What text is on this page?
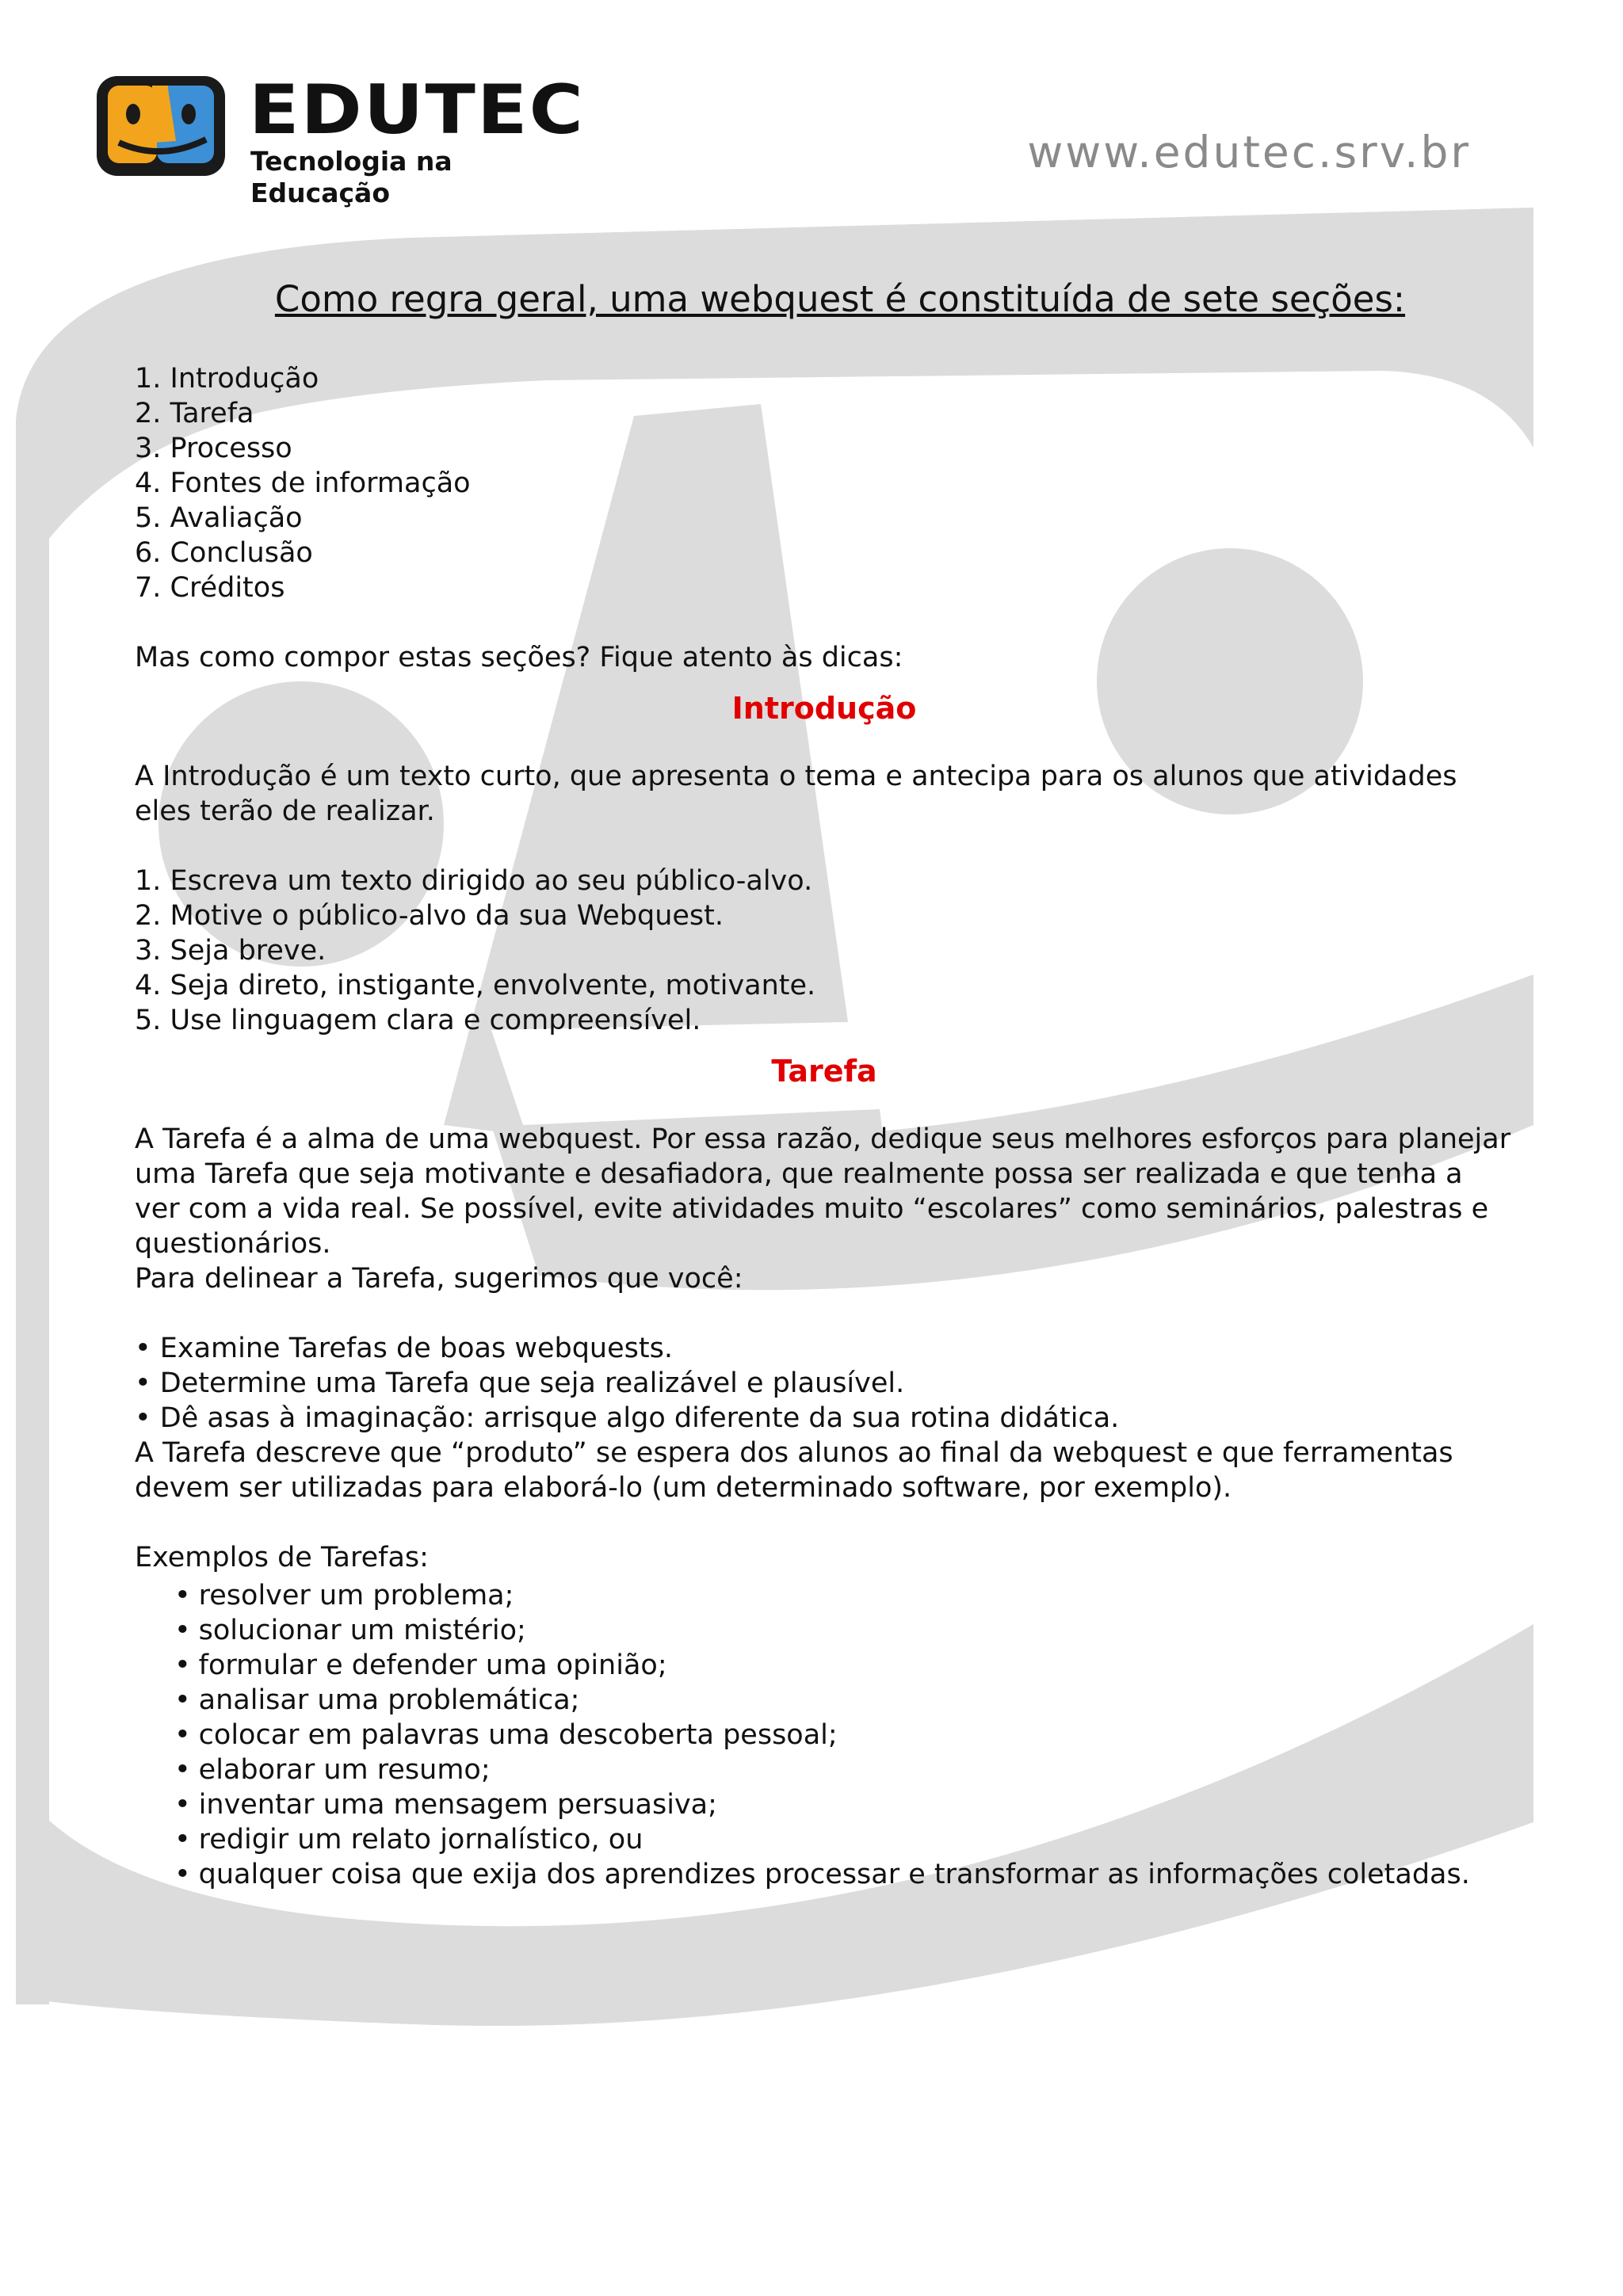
EDUTEC
Tecnologia na Educação
www.edutec.srv.br
Como regra geral, uma webquest é constituída de sete seções:
1. Introdução
2. Tarefa
3. Processo
4. Fontes de informação
5. Avaliação
6. Conclusão
7. Créditos

Mas como compor estas seções? Fique atento às dicas:

Introdução

A Introdução é um texto curto, que apresenta o tema e antecipa para os alunos que atividades eles terão de realizar.

1. Escreva um texto dirigido ao seu público-alvo.
2. Motive o público-alvo da sua Webquest.
3. Seja breve.
4. Seja direto, instigante, envolvente, motivante.
5. Use linguagem clara e compreensível.
Tarefa

A Tarefa é a alma de uma webquest. Por essa razão, dedique seus melhores esforços para planejar uma Tarefa que seja motivante e desafiadora, que realmente possa ser realizada e que tenha a ver com a vida real. Se possível, evite atividades muito “escolares” como seminários, palestras e questionários.

Para delinear a Tarefa, sugerimos que você:

• Examine Tarefas de boas webquests.
• Determine uma Tarefa que seja realizável e plausível.
• Dê asas à imaginação: arrisque algo diferente da sua rotina didática.

A Tarefa descreve que “produto” se espera dos alunos ao final da webquest e que ferramentas devem ser utilizadas para elaborá-lo (um determinado software, por exemplo).

Exemplos de Tarefas:

• resolver um problema;
• solucionar um mistério;
• formular e defender uma opinião;
• analisar uma problemática;
• colocar em palavras uma descoberta pessoal;
• elaborar um resumo;
• inventar uma mensagem persuasiva;
• redigir um relato jornalístico, ou
• qualquer coisa que exija dos aprendizes processar e transformar as informações coletadas.
